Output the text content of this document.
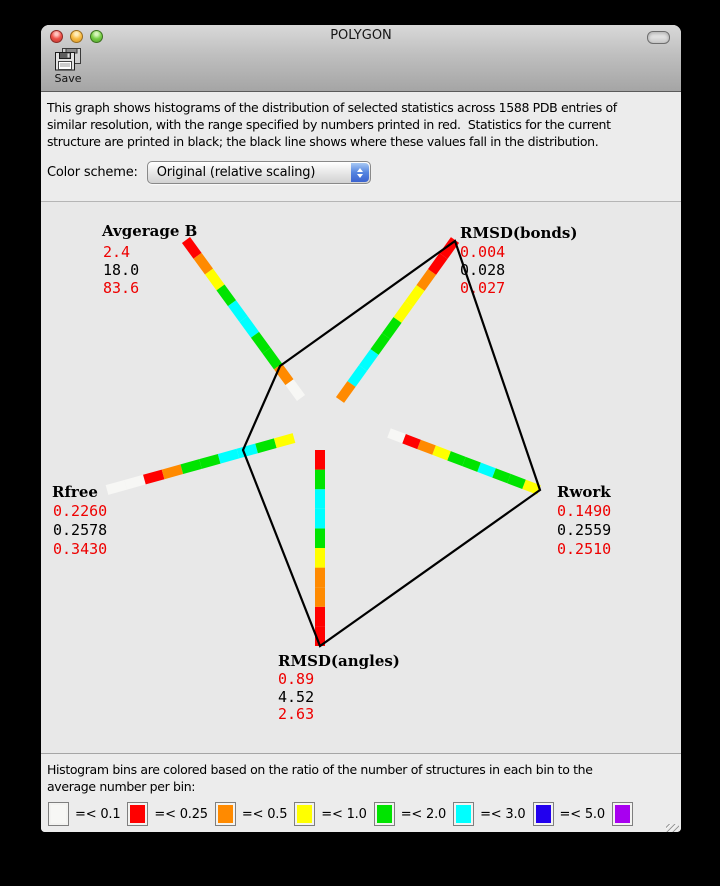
POLYGON
Save
This graph shows histograms of the distribution of selected statistics across 1588 PDB entries of
similar resolution, with the range specified by numbers printed in red.  Statistics for the current
structure are printed in black; the black line shows where these values fall in the distribution.
Color scheme:	Original (relative scaling)
Avgerage B
2.4
18.0
83.6
RMSD(bonds)
0.004
0.028
0.027
Rwork
0.1490
0.2559
0.2510
RMSD(angles)
0.89
4.52
2.63
Rfree
0.2260
0.2578
0.3430
Histogram bins are colored based on the ratio of the number of structures in each bin to the
average number per bin:
=< 0.1	=< 0.25	=< 0.5	=< 1.0	=< 2.0	=< 3.0	=< 5.0
